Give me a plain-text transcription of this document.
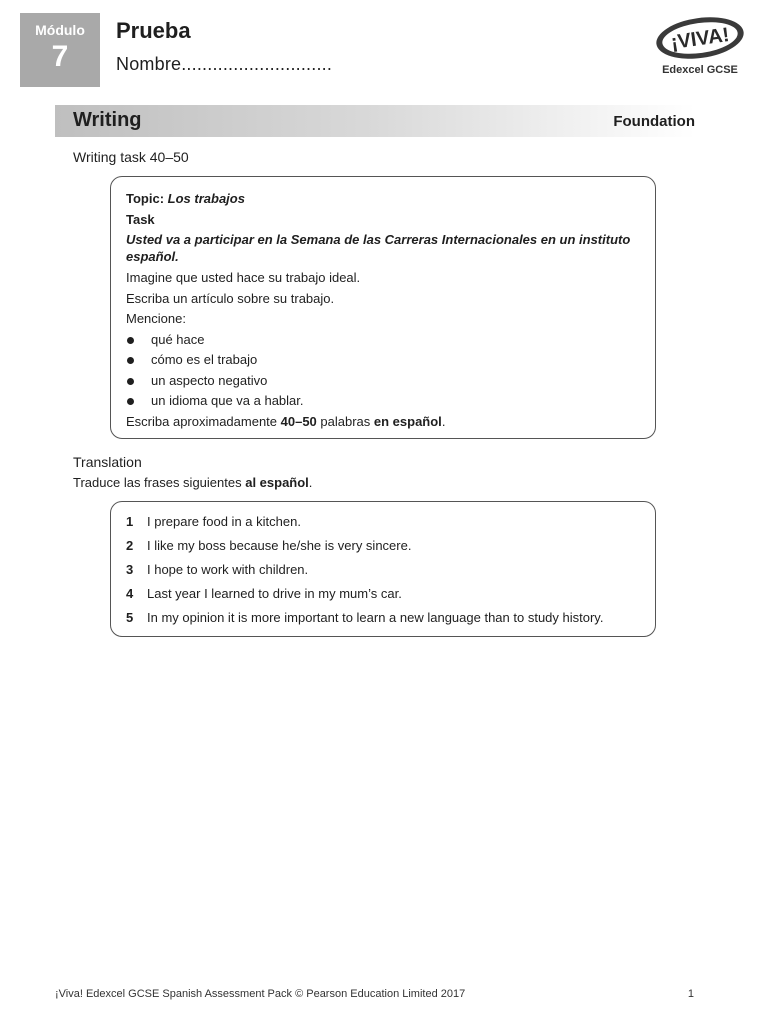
Módulo
7
Prueba
Nombre.............................
¡VIVA!
Edexcel GCSE
Writing	Foundation
Writing task 40–50

Topic: Los trabajos

Task

Usted va a participar en la Semana de las Carreras Internacionales en un instituto español.

Imagine que usted hace su trabajo ideal.

Escriba un artículo sobre su trabajo.

Mencione:

qué hace

cómo es el trabajo

un aspecto negativo

un idioma que va a hablar.

Escriba aproximadamente 40–50 palabras en español.

Translation
Traduce las frases siguientes al español.
1 I prepare food in a kitchen.
2 I like my boss because he/she is very sincere.
3 I hope to work with children.
4 Last year I learned to drive in my mum’s car.
5 In my opinion it is more important to learn a new language than to study history.
¡Viva! Edexcel GCSE Spanish Assessment Pack © Pearson Education Limited 2017	1
